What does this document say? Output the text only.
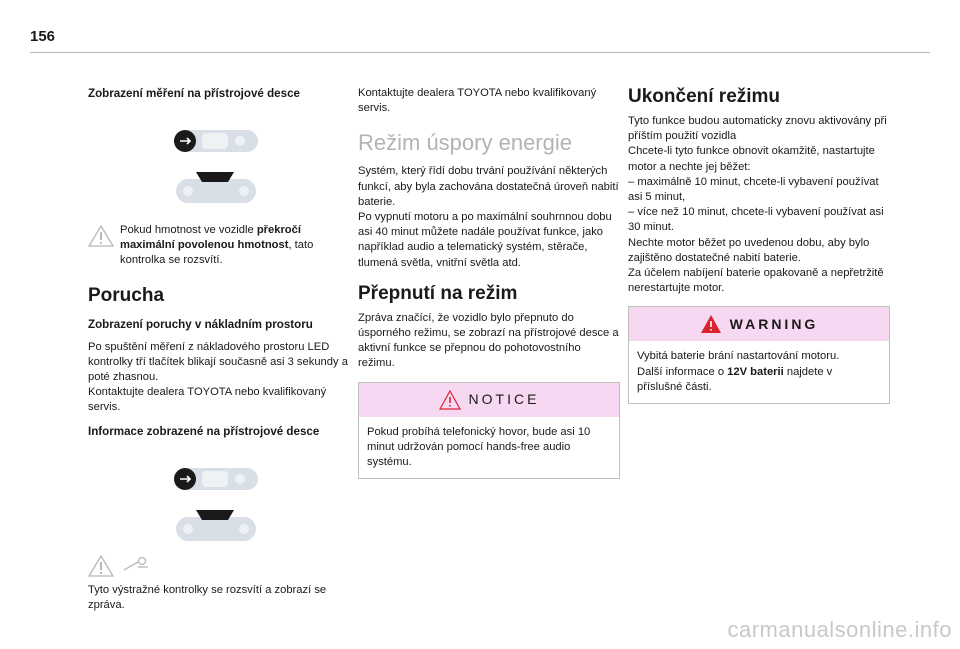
156

Zobrazení měření na přístrojové desce

Pokud hmotnost ve vozidle překročí maximální povolenou hmotnost, tato kontrolka se rozsvítí.

Porucha

Zobrazení poruchy v nákladním prostoru

Po spuštění měření z nákladového prostoru LED kontrolky tří tlačítek blikají současně asi 3 sekundy a poté zhasnou.

Kontaktujte dealera TOYOTA nebo kvalifikovaný servis.

Informace zobrazené na přístrojové desce

Tyto výstražné kontrolky se rozsvítí a zobrazí se zpráva.

Kontaktujte dealera TOYOTA nebo kvalifikovaný servis.

Režim úspory energie

Systém, který řídí dobu trvání používání některých funkcí, aby byla zachována dostatečná úroveň nabití baterie.

Po vypnutí motoru a po maximální souhrnnou dobu asi 40 minut můžete nadále používat funkce, jako například audio a telematický systém, stěrače, tlumená světla, vnitřní světla atd.

Přepnutí na režim

Zpráva značící, že vozidlo bylo přepnuto do úsporného režimu, se zobrazí na přístrojové desce a aktivní funkce se přepnou do pohotovostního režimu.

NOTICE

Pokud probíhá telefonický hovor, bude asi 10 minut udržován pomocí hands-free audio systému.

Ukončení režimu

Tyto funkce budou automaticky znovu aktivovány při příštím použití vozidla

Chcete-li tyto funkce obnovit okamžitě, nastartujte motor a nechte jej běžet:

– maximálně 10 minut, chcete-li vybavení používat asi 5 minut,
– více než 10 minut, chcete-li vybavení používat asi 30 minut.

Nechte motor běžet po uvedenou dobu, aby bylo zajištěno dostatečné nabití baterie.

Za účelem nabíjení baterie opakovaně a nepřetržitě nerestartujte motor.

WARNING

Vybitá baterie brání nastartování motoru.

Další informace o 12V baterii najdete v příslušné části.

carmanualsonline.info
